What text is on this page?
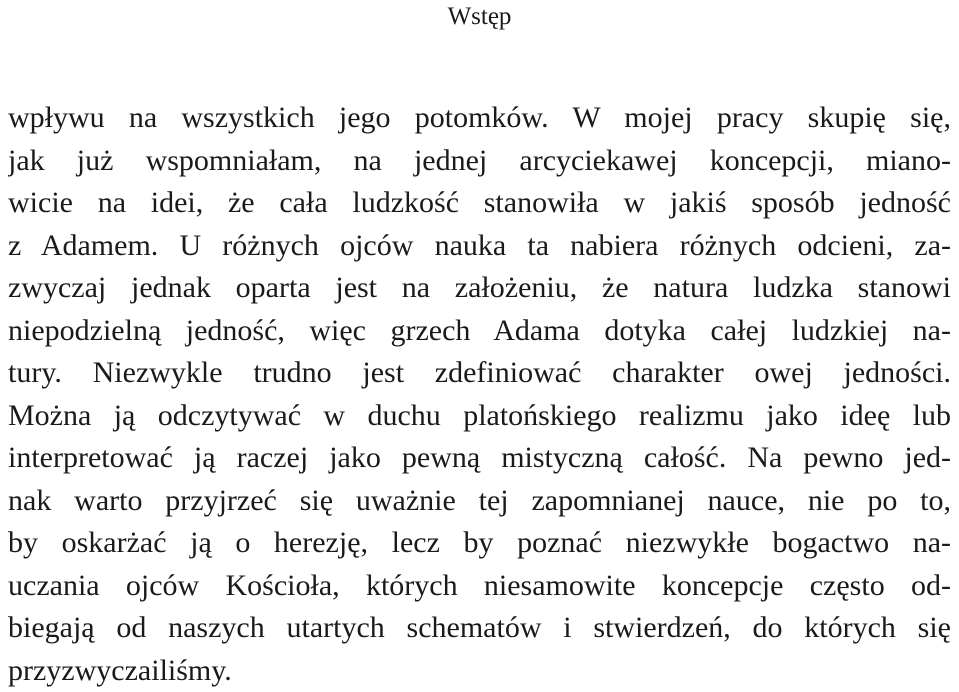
Wstęp
wpływu na wszystkich jego potomków. W mojej pracy skupię się,
jak już wspomniałam, na jednej arcyciekawej koncepcji, miano-
wicie na idei, że cała ludzkość stanowiła w jakiś sposób jedność
z Adamem. U różnych ojców nauka ta nabiera różnych odcieni, za-
zwyczaj jednak oparta jest na założeniu, że natura ludzka stanowi
niepodzielną jedność, więc grzech Adama dotyka całej ludzkiej na-
tury. Niezwykle trudno jest zdefiniować charakter owej jedności.
Można ją odczytywać w duchu platońskiego realizmu jako ideę lub
interpretować ją raczej jako pewną mistyczną całość. Na pewno jed-
nak warto przyjrzeć się uważnie tej zapomnianej nauce, nie po to,
by oskarżać ją o herezję, lecz by poznać niezwykłe bogactwo na-
uczania ojców Kościoła, których niesamowite koncepcje często od-
biegają od naszych utartych schematów i stwierdzeń, do których się
przyzwyczailiśmy.
